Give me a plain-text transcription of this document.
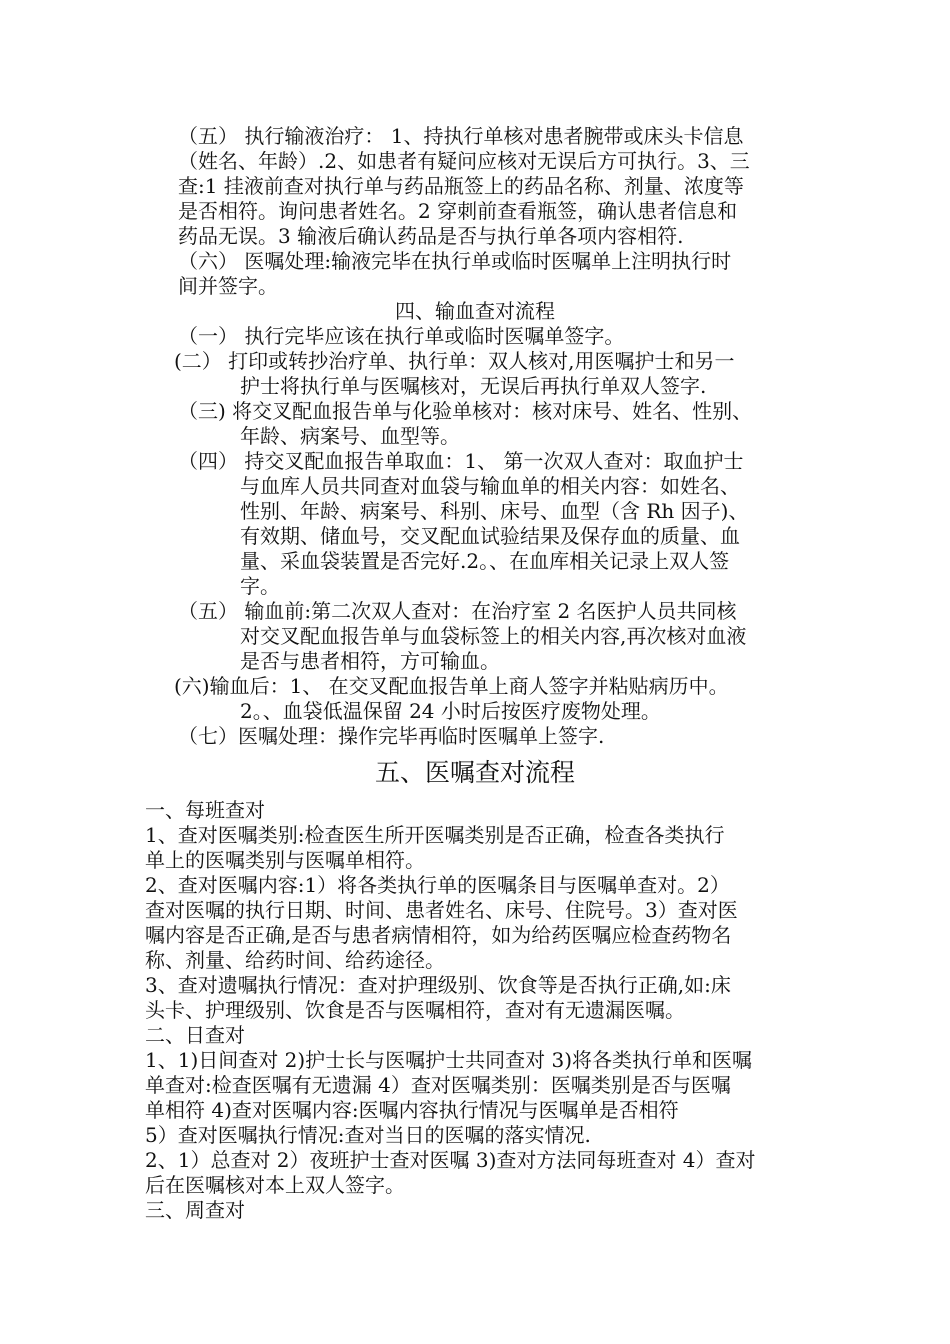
（五） 执行输液治疗： 1、持执行单核对患者腕带或床头卡信息
（姓名、年龄）.2、如患者有疑问应核对无误后方可执行。3、三
查:1 挂液前查对执行单与药品瓶签上的药品名称、剂量、浓度等
是否相符。询问患者姓名。2 穿刺前查看瓶签，确认患者信息和
药品无误。3 输液后确认药品是否与执行单各项内容相符.
（六） 医嘱处理:输液完毕在执行单或临时医嘱单上注明执行时
间并签字。
四、输血查对流程
（一） 执行完毕应该在执行单或临时医嘱单签字。
(二） 打印或转抄治疗单、执行单：双人核对,用医嘱护士和另一
护士将执行单与医嘱核对，无误后再执行单双人签字.
（三) 将交叉配血报告单与化验单核对：核对床号、姓名、性别、
年龄、病案号、血型等。
（四） 持交叉配血报告单取血：1、 第一次双人查对：取血护士
与血库人员共同查对血袋与输血单的相关内容：如姓名、
性别、年龄、病案号、科别、床号、血型（含 Rh 因子)、
有效期、储血号，交叉配血试验结果及保存血的质量、血
量、采血袋装置是否完好.2。、在血库相关记录上双人签
字。
（五） 输血前:第二次双人查对：在治疗室 2 名医护人员共同核
对交叉配血报告单与血袋标签上的相关内容,再次核对血液
是否与患者相符，方可输血。
(六)输血后：1、 在交叉配血报告单上商人签字并粘贴病历中。
2。、血袋低温保留 24 小时后按医疗废物处理。
（七）医嘱处理：操作完毕再临时医嘱单上签字.
五、医嘱查对流程
一、每班查对
1、查对医嘱类别:检查医生所开医嘱类别是否正确，检查各类执行
单上的医嘱类别与医嘱单相符。
2、查对医嘱内容:1）将各类执行单的医嘱条目与医嘱单查对。2）
查对医嘱的执行日期、时间、患者姓名、床号、住院号。3）查对医
嘱内容是否正确,是否与患者病情相符，如为给药医嘱应检查药物名
称、剂量、给药时间、给药途径。
3、查对遗嘱执行情况：查对护理级别、饮食等是否执行正确,如:床
头卡、护理级别、饮食是否与医嘱相符，查对有无遗漏医嘱。
二、日查对
1、1)日间查对 2)护士长与医嘱护士共同查对 3)将各类执行单和医嘱
单查对:检查医嘱有无遗漏 4）查对医嘱类别：医嘱类别是否与医嘱
单相符 4)查对医嘱内容:医嘱内容执行情况与医嘱单是否相符
5）查对医嘱执行情况:查对当日的医嘱的落实情况.
2、1）总查对 2）夜班护士查对医嘱 3)查对方法同每班查对 4）查对
后在医嘱核对本上双人签字。
三、周查对
